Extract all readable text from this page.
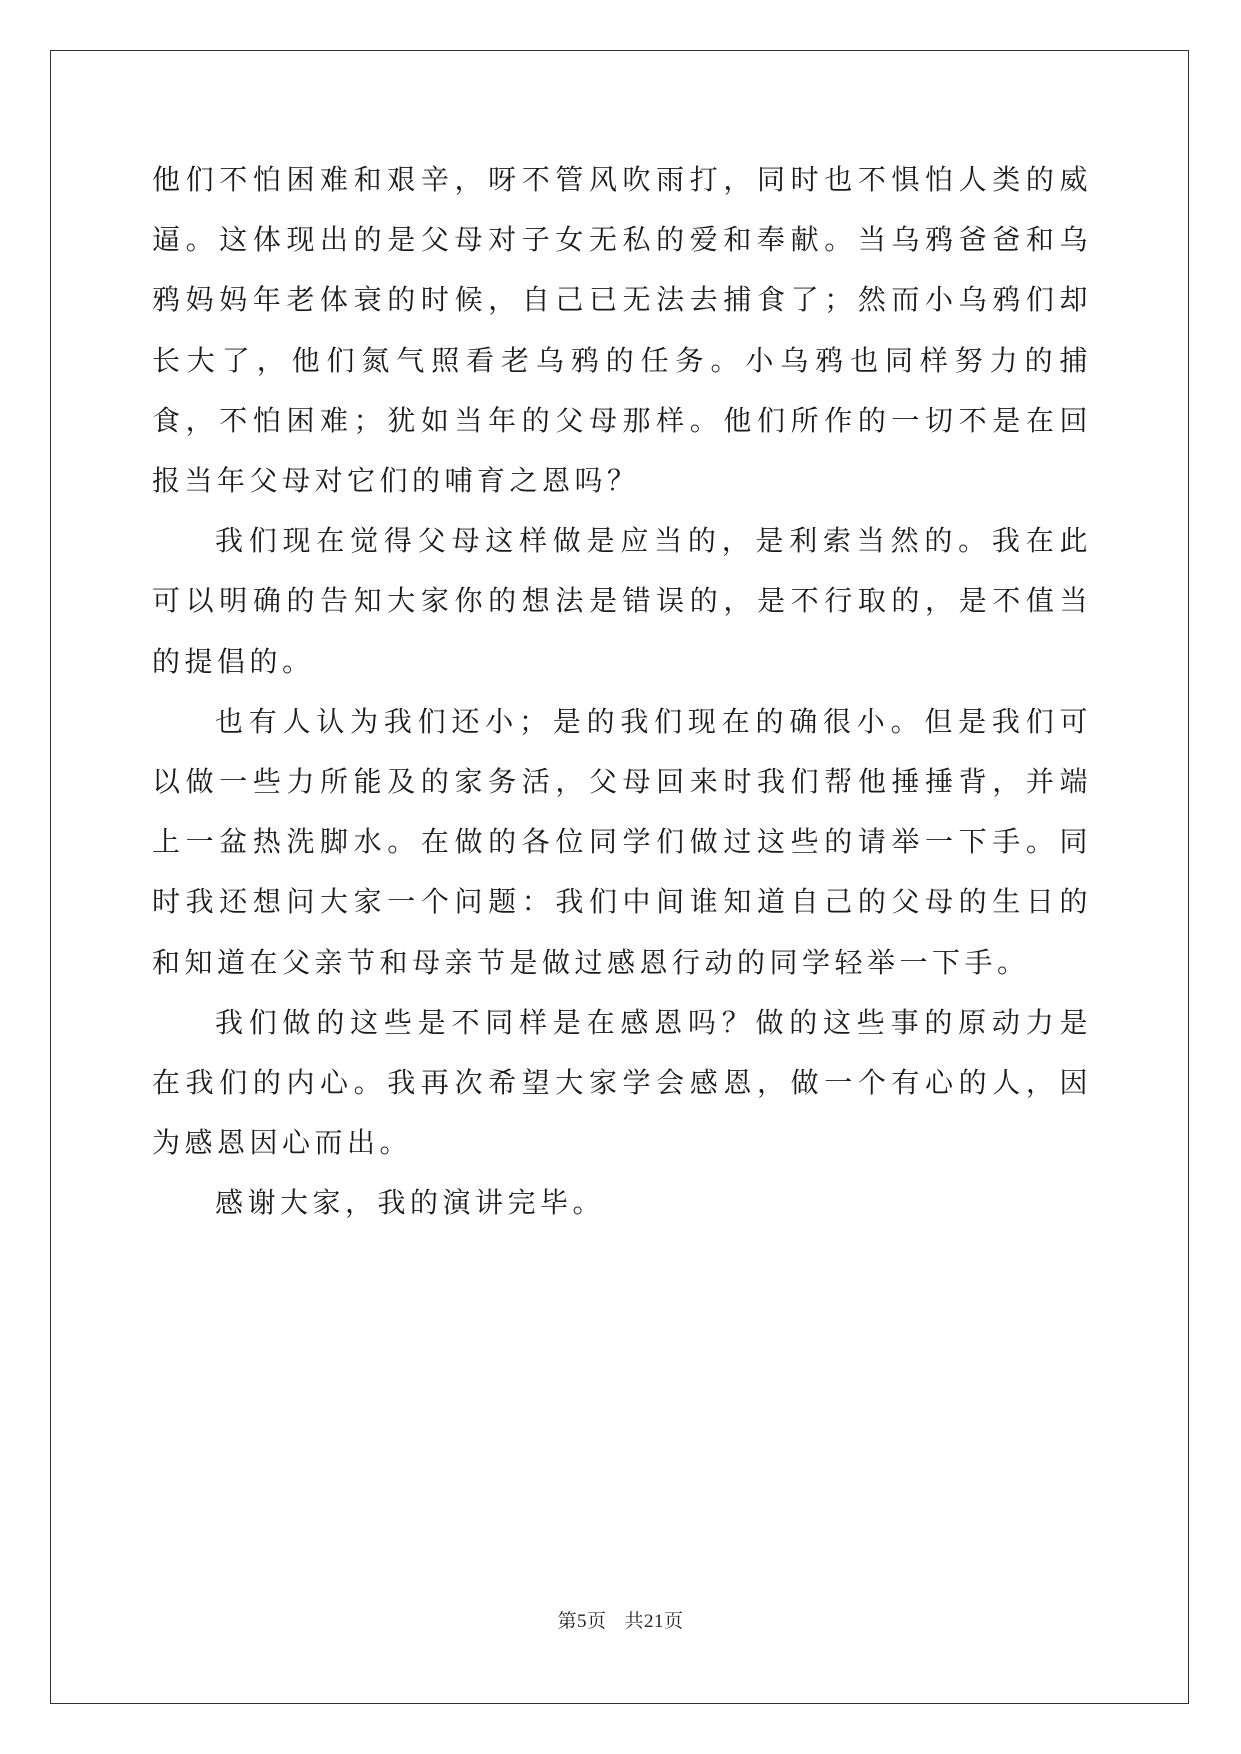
他们不怕困难和艰辛，呀不管风吹雨打，同时也不惧怕人类的威逼。这体现出的是父母对子女无私的爱和奉献。当乌鸦爸爸和乌鸦妈妈年老体衰的时候，自己已无法去捕食了；然而小乌鸦们却长大了，他们氮气照看老乌鸦的任务。小乌鸦也同样努力的捕食，不怕困难；犹如当年的父母那样。他们所作的一切不是在回报当年父母对它们的哺育之恩吗？

我们现在觉得父母这样做是应当的，是利索当然的。我在此可以明确的告知大家你的想法是错误的，是不行取的，是不值当的提倡的。

也有人认为我们还小；是的我们现在的确很小。但是我们可以做一些力所能及的家务活，父母回来时我们帮他捶捶背，并端上一盆热洗脚水。在做的各位同学们做过这些的请举一下手。同时我还想问大家一个问题：我们中间谁知道自己的父母的生日的和知道在父亲节和母亲节是做过感恩行动的同学轻举一下手。

我们做的这些是不同样是在感恩吗？做的这些事的原动力是在我们的内心。我再次希望大家学会感恩，做一个有心的人，因为感恩因心而出。

感谢大家，我的演讲完毕。

第5页 共21页
